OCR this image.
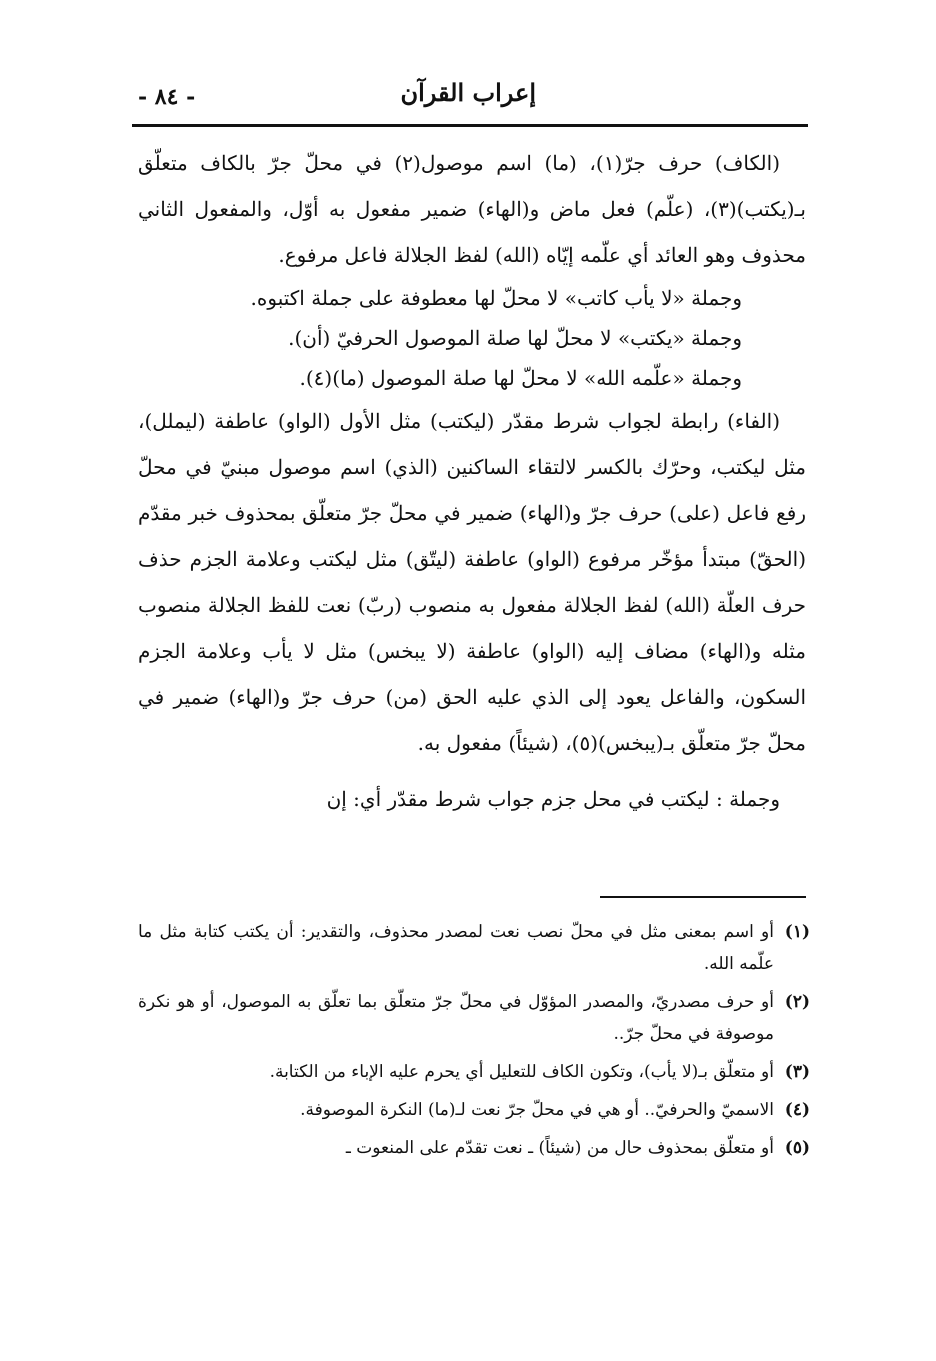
إعراب القرآن
- ٨٤ -

(الكاف) حرف جرّ(١)، (ما) اسم موصول(٢) في محلّ جرّ بالكاف متعلّق بـ(يكتب)(٣)، (علّم) فعل ماض و(الهاء) ضمير مفعول به أوّل، والمفعول الثاني محذوف وهو العائد أي علّمه إيّاه (الله) لفظ الجلالة فاعل مرفوع.

وجملة «لا يأب كاتب» لا محلّ لها معطوفة على جملة اكتبوه.

وجملة «يكتب» لا محلّ لها صلة الموصول الحرفيّ (أن).

وجملة «علّمه الله» لا محلّ لها صلة الموصول (ما)(٤).

(الفاء) رابطة لجواب شرط مقدّر (ليكتب) مثل الأول (الواو) عاطفة (ليملل)، مثل ليكتب، وحرّك بالكسر لالتقاء الساكنين (الذي) اسم موصول مبنيّ في محلّ رفع فاعل (على) حرف جرّ و(الهاء) ضمير في محلّ جرّ متعلّق بمحذوف خبر مقدّم (الحقّ) مبتدأ مؤخّر مرفوع (الواو) عاطفة (ليتّق) مثل ليكتب وعلامة الجزم حذف حرف العلّة (الله) لفظ الجلالة مفعول به منصوب (ربّ) نعت للفظ الجلالة منصوب مثله و(الهاء) مضاف إليه (الواو) عاطفة (لا يبخس) مثل لا يأب وعلامة الجزم السكون، والفاعل يعود إلى الذي عليه الحق (من) حرف جرّ و(الهاء) ضمير في محلّ جرّ متعلّق بـ(يبخس)(٥)، (شيئاً) مفعول به.

وجملة : ليكتب في محل جزم جواب شرط مقدّر أي: إن

(١)أو اسم بمعنى مثل في محلّ نصب نعت لمصدر محذوف، والتقدير: أن يكتب كتابة مثل ما علّمه الله.

(٢)أو حرف مصدريّ، والمصدر المؤوّل في محلّ جرّ متعلّق بما تعلّق به الموصول، أو هو نكرة موصوفة في محلّ جرّ..

(٣)أو متعلّق بـ(لا يأب)، وتكون الكاف للتعليل أي يحرم عليه الإباء من الكتابة.

(٤)الاسميّ والحرفيّ.. أو هي في محلّ جرّ نعت لـ(ما) النكرة الموصوفة.

(٥)أو متعلّق بمحذوف حال من (شيئاً) ـ نعت تقدّم على المنعوت ـ
